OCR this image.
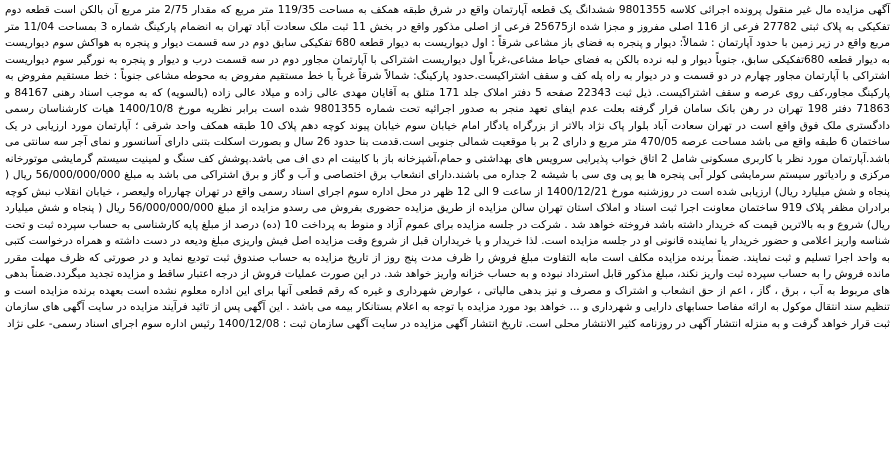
آگهی مزایده مال غیر منقول پرونده اجرائی کلاسه 9801355 ششدانگ یک قطعه آپارتمان واقع در شرق طبقه همکف به مساحت 119/35 متر مربع که مقدار 2/75 متر مربع آن بالکن است قطعه دوم تفکیکی به پلاک ثبتی 27782 فرعی از 116 اصلی مفروز و مجزا شده از25675 فرعی از اصلی مذکور واقع در بخش 11 ثبت ملک سعادت آباد تهران به انضمام پارکینگ شماره 3 بمساحت 11/04 متر مربع واقع در زیر زمین با حدود آپارتمان : شمالاً: دیوار و پنجره به فضای باز مشاعی شرقاً : اول دیواریست به دیوار قطعه 680 تفکیکی سابق دوم در سه قسمت دیوار و پنجره به هواکش سوم دیواریست به دیوار قطعه 680تفکیکی سابق، جنوباً دیوار و لبه نرده بالکن به فضای حیاط مشاعی،غرباً اول دیواریست اشتراکی با آپارتمان مجاور دوم در سه قسمت درب و دیوار و پنجره به نورگیر سوم دیواریست اشتراکی با آپارتمان مجاور چهارم در دو قسمت و در دیوار به راه پله کف و سقف اشتراکیست.حدود پارکینگ: شمالاً شرقاً غرباً با خط مستقیم مفروض به محوطه مشاعی جنوباً : خط مستقیم مفروض به پارکینگ مجاور،کف روی عرصه و سقف اشتراکیست. ذیل ثبت 22343 صفحه 5 دفتر املاک جلد 171 متلق به آقایان مهدی عالی زاده و میلاد عالی زاده (بالسویه) که به موجب اسناد رهنی 84167 و 71863 دفتر 198 تهران در رهن بانک سامان قرار گرفته بعلت عدم ایفای تعهد منجر به صدور اجرائیه تحت شماره 9801355 شده است برابر نظریه مورخ 1400/10/8 هیات کارشناسان رسمی دادگستری ملک فوق واقع است در تهران سعادت آباد بلوار پاک نژاد بالاتر از بزرگراه یادگار امام خیابان سوم خیابان پیوند کوچه دهم پلاک 10 طبقه همکف واحد شرقی ؛ آپارتمان مورد ارزیابی در یک ساختمان 6 طبقه واقع می باشد مساحت عرصه 470/05 متر مربع و دارای 2 بر با موقعیت شمالی جنوبی است.قدمت بنا حدود 26 سال و بصورت اسکلت بتنی دارای آسانسور و نمای آجر سه سانتی می باشد.آپارتمان مورد نظر با کاربری مسکونی شامل 2 اتاق خواب پذیرایی سرویس های بهداشتی و حمام،آشپزخانه باز با کابینت ام دی اف می باشد.پوشش کف سنگ و لمینیت سیستم گرمایشی موتورخانه مرکزی و رادیاتور سیستم سرمایشی کولر آبی پنجره ها یو پی وی سی با شیشه 2 جداره می باشند.دارای انشعاب برق اختصاصی و آب و گاز و برق اشتراکی می باشد به مبلغ 56/000/000/000 ریال ( پنجاه و شش میلیارد ریال) ارزیابی شده است در روزشنبه مورخ 1400/12/21 از ساعت 9 الی 12 ظهر در محل اداره سوم اجرای اسناد رسمی واقع در تهران چهارراه ولیعصر ، خیابان انقلاب نبش کوچه برادران مظفر پلاک 919 ساختمان معاونت اجرا ثبت اسناد و املاک استان تهران سالن مزایده از طریق مزایده حضوری بفروش می رسدو مزایده از مبلغ 56/000/000/000 ریال ( پنجاه و شش میلیارد ریال) شروع و به بالاترین قیمت که خریدار داشته باشد فروخته خواهد شد . شرکت در جلسه مزایده برای عموم آزاد و منوط به پرداخت 10 (ده) درصد از مبلغ پایه کارشناسی به حساب سپرده ثبت و تحت شناسه واریز اعلامی و حضور خریدار یا نماینده قانونی او در جلسه مزایده است. لذا خریدار و یا خریداران قبل از شروع وقت مزایده اصل فیش واریزی مبلغ ودیعه در دست داشته و همراه درخواست کتبی به واحد اجرا تسلیم و ثبت نمایند. ضمناً برنده مزایده مکلف است مابه التفاوت مبلغ فروش را ظرف مدت پنج روز از تاریخ مزایده به حساب صندوق ثبت تودیع نماید و در صورتی که ظرف مهلت مقرر مانده فروش را به حساب سپرده ثبت واریز نکند، مبلغ مذکور قابل استرداد نبوده و به حساب خزانه واریز خواهد شد. در این صورت عملیات فروش از درجه اعتبار ساقط و مزایده تجدید میگردد.ضمناً بدهی های مربوط به آب ، برق ، گاز ، اعم از حق انشعاب و اشتراک و مصرف و نیز بدهی مالیاتی ، عوارض شهرداری و غیره که رقم قطعی آنها برای این اداره معلوم نشده است بعهده برنده مزایده است و تنظیم سند انتقال موکول به ارائه مفاصا حسابهای دارایی و شهرداری و ... خواهد بود مورد مزایده با توجه به اعلام بستانکار بیمه می باشد . این آگهی پس از تائید فرآیند مزایده در سایت آگهی های سازمان ثبت قرار خواهد گرفت و به منزله انتشار آگهی در روزنامه کثیر الانتشار محلی است. تاریخ انتشار آگهی مزایده در سایت آگهی سازمان ثبت : 1400/12/08 رئیس اداره سوم اجرای اسناد رسمی- علی نژاد
